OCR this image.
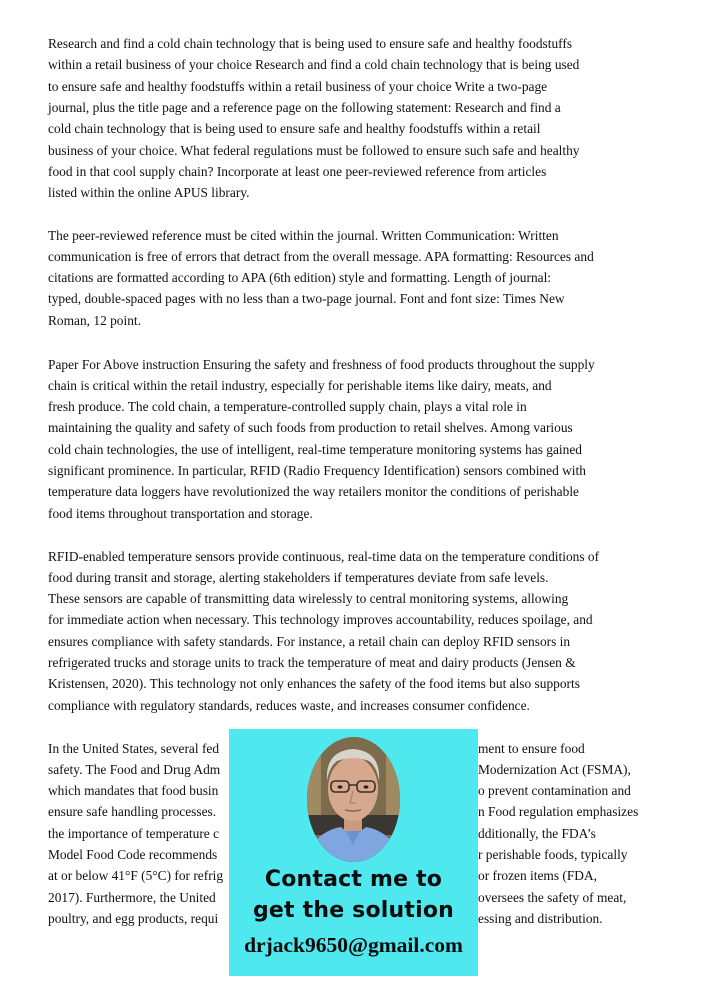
Research and find a cold chain technology that is being used to ensure safe and healthy foodstuffs
within a retail business of your choice Research and find a cold chain technology that is being used
to ensure safe and healthy foodstuffs within a retail business of your choice Write a two-page
journal, plus the title page and a reference page on the following statement: Research and find a
cold chain technology that is being used to ensure safe and healthy foodstuffs within a retail
business of your choice. What federal regulations must be followed to ensure such safe and healthy
food in that cool supply chain? Incorporate at least one peer-reviewed reference from articles
listed within the online APUS library.
The peer-reviewed reference must be cited within the journal. Written Communication: Written
communication is free of errors that detract from the overall message. APA formatting: Resources and
citations are formatted according to APA (6th edition) style and formatting. Length of journal:
typed, double-spaced pages with no less than a two-page journal. Font and font size: Times New
Roman, 12 point.
Paper For Above instruction Ensuring the safety and freshness of food products throughout the supply
chain is critical within the retail industry, especially for perishable items like dairy, meats, and
fresh produce. The cold chain, a temperature-controlled supply chain, plays a vital role in
maintaining the quality and safety of such foods from production to retail shelves. Among various
cold chain technologies, the use of intelligent, real-time temperature monitoring systems has gained
significant prominence. In particular, RFID (Radio Frequency Identification) sensors combined with
temperature data loggers have revolutionized the way retailers monitor the conditions of perishable
food items throughout transportation and storage.
RFID-enabled temperature sensors provide continuous, real-time data on the temperature conditions of
food during transit and storage, alerting stakeholders if temperatures deviate from safe levels.
These sensors are capable of transmitting data wirelessly to central monitoring systems, allowing
for immediate action when necessary. This technology improves accountability, reduces spoilage, and
ensures compliance with safety standards. For instance, a retail chain can deploy RFID sensors in
refrigerated trucks and storage units to track the temperature of meat and dairy products (Jensen &
Kristensen, 2020). This technology not only enhances the safety of the food items but also supports
compliance with regulatory standards, reduces waste, and increases consumer confidence.
In the United States, several fed	ment to ensure food
safety. The Food and Drug Adm	Modernization Act (FSMA),
which mandates that food busin	o prevent contamination and
ensure safe handling processes.	n Food regulation emphasizes
the importance of temperature c	dditionally, the FDA’s
Model Food Code recommends	r perishable foods, typically
at or below 41°F (5°C) for refrig	or frozen items (FDA,
2017). Furthermore, the United	oversees the safety of meat,
poultry, and egg products, requi	essing and distribution.
Contact me to
get the solution
drjack9650@gmail.com
